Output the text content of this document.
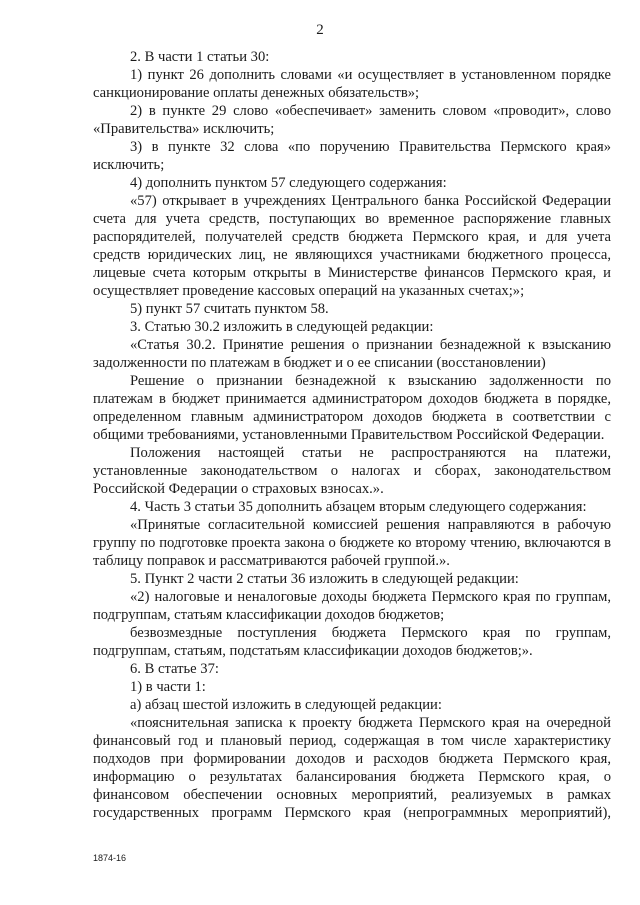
2

2. В части 1 статьи 30:

1) пункт 26 дополнить словами «и осуществляет в установленном порядке санкционирование оплаты денежных обязательств»;

2) в пункте 29 слово «обеспечивает» заменить словом «проводит», слово «Правительства» исключить;

3) в пункте 32 слова «по поручению Правительства Пермского края» исключить;

4) дополнить пунктом 57 следующего содержания:

«57) открывает в учреждениях Центрального банка Российской Федерации счета для учета средств, поступающих во временное распоряжение главных распорядителей, получателей средств бюджета Пермского края, и для учета средств юридических лиц, не являющихся участниками бюджетного процесса, лицевые счета которым открыты в Министерстве финансов Пермского края, и осуществляет проведение кассовых операций на указанных счетах;»;

5) пункт 57 считать пунктом 58.

3. Статью 30.2 изложить в следующей редакции:

«Статья 30.2. Принятие решения о признании безнадежной к взысканию задолженности по платежам в бюджет и о ее списании (восстановлении)

Решение о признании безнадежной к взысканию задолженности по платежам в бюджет принимается администратором доходов бюджета в порядке, определенном главным администратором доходов бюджета в соответствии с общими требованиями, установленными Правительством Российской Федерации.

Положения настоящей статьи не распространяются на платежи, установленные законодательством о налогах и сборах, законодательством Российской Федерации о страховых взносах.».

4. Часть 3 статьи 35 дополнить абзацем вторым следующего содержания:

«Принятые согласительной комиссией решения направляются в рабочую группу по подготовке проекта закона о бюджете ко второму чтению, включаются в таблицу поправок и рассматриваются рабочей группой.».

5. Пункт 2 части 2 статьи 36 изложить в следующей редакции:

«2) налоговые и неналоговые доходы бюджета Пермского края по группам, подгруппам, статьям классификации доходов бюджетов;

безвозмездные поступления бюджета Пермского края по группам, подгруппам, статьям, подстатьям классификации доходов бюджетов;».

6. В статье 37:

1) в части 1:

а) абзац шестой изложить в следующей редакции:

«пояснительная записка к проекту бюджета Пермского края на очередной финансовый год и плановый период, содержащая в том числе характеристику подходов при формировании доходов и расходов бюджета Пермского края, информацию о результатах балансирования бюджета Пермского края, о финансовом обеспечении основных мероприятий, реализуемых в рамках государственных программ Пермского края (непрограммных мероприятий),

1874-16
